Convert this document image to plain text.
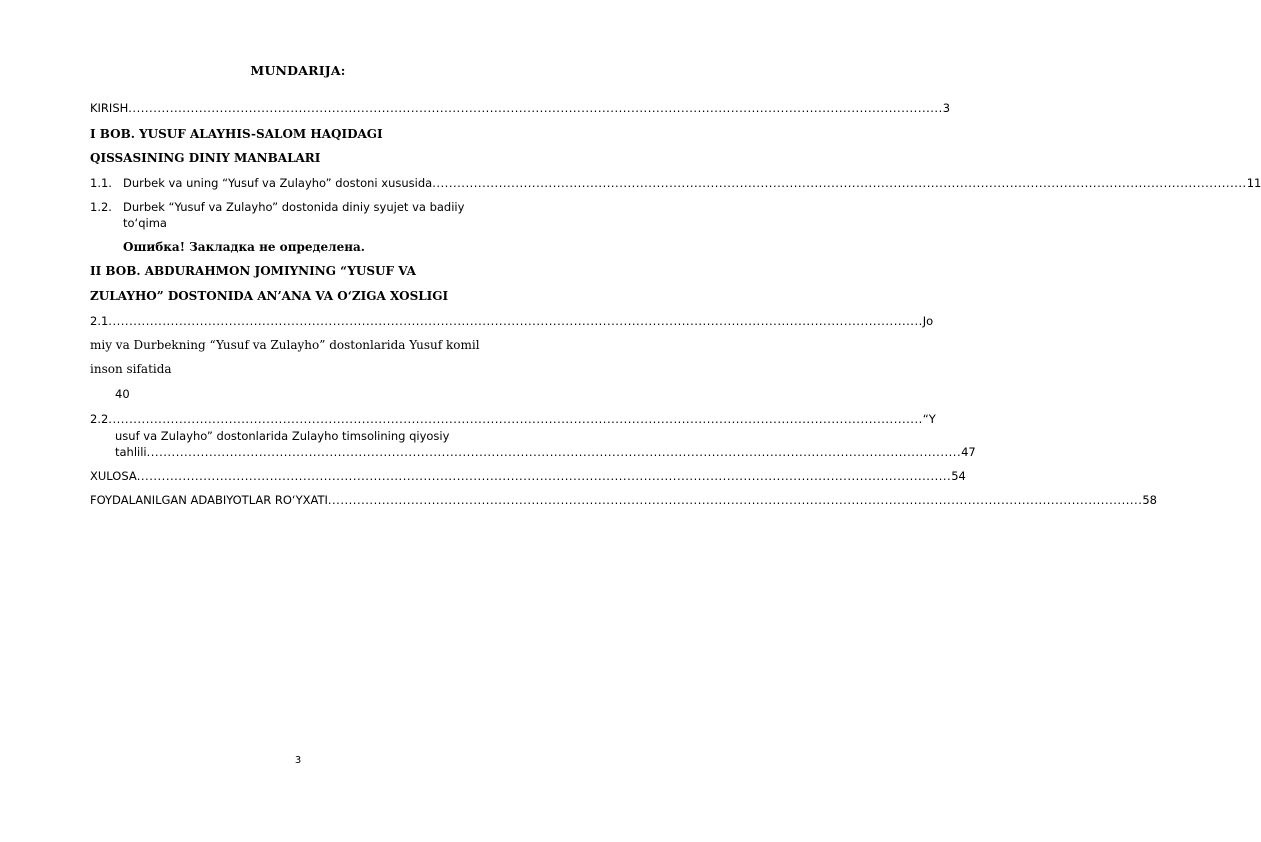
MUNDARIJA:
KIRISH .................................................................................................................................................................................................... 3
I BOB. YUSUF ALAYHIS-SALOM HAQIDAGI
QISSASINING DINIY MANBALARI
1.1. Durbek va uning “Yusuf va Zulayho” dostoni xususida .................................................................................................................................................................................................... 11
1.2. Durbek “Yusuf va Zulayho” dostonida diniy syujet va badiiy
to‘qima
Ошибка! Закладка не определена.
II BOB. ABDURAHMON JOMIYNING “YUSUF VA
ZULAYHO” DOSTONIDA AN’ANA VA O‘ZIGA XOSLIGI
2.1 .................................................................................................................................................................................................... Jo
miy va Durbekning “Yusuf va Zulayho” dostonlarida Yusuf komil
inson sifatida
40
2.2 .................................................................................................................................................................................................... “Y
usuf va Zulayho” dostonlarida Zulayho timsolining qiyosiy
tahlili .................................................................................................................................................................................................... 47
XULOSA .................................................................................................................................................................................................... 54
FOYDALANILGAN ADABIYOTLAR RO‘YXATI .................................................................................................................................................................................................... 58
3
